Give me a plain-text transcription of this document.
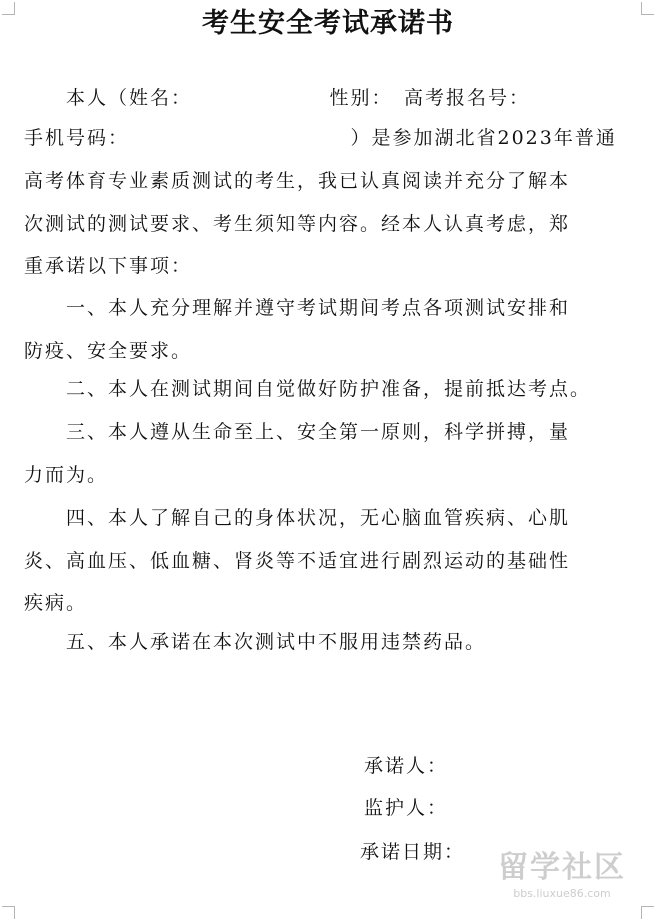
考生安全考试承诺书
本人（姓名：　　　　　　　性别：　高考报名号：
手机号码：　　　　　　　　　　　）是参加湖北省2023年普通
高考体育专业素质测试的考生，我已认真阅读并充分了解本
次测试的测试要求、考生须知等内容。经本人认真考虑，郑
重承诺以下事项：
一、本人充分理解并遵守考试期间考点各项测试安排和
防疫、安全要求。
二、本人在测试期间自觉做好防护准备，提前抵达考点。
三、本人遵从生命至上、安全第一原则，科学拼搏，量
力而为。
四、本人了解自己的身体状况，无心脑血管疾病、心肌
炎、高血压、低血糖、肾炎等不适宜进行剧烈运动的基础性
疾病。
五、本人承诺在本次测试中不服用违禁药品。
承诺人：
监护人：
承诺日期：	留学社区
bbs.liuxue86.com
